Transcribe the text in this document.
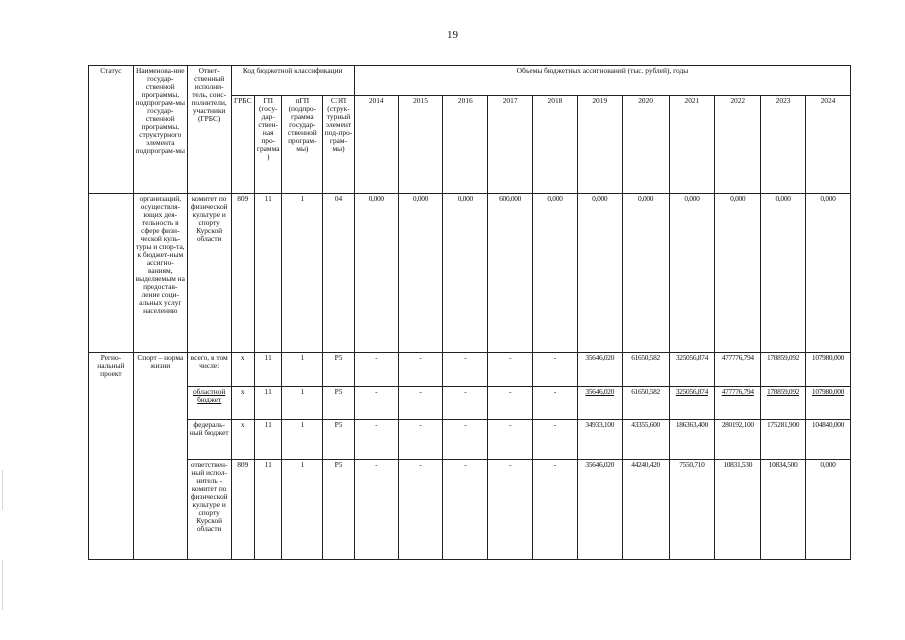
19
Статус	Наименова-ние государ-ственной программы, подпрограм-мы государ-ственной программы, структурного элемента подпрограм-мы	Ответ-ственный исполни-тель, соис-полнители, участники (ГРБС)	Код бюджетной классификации				Объемы бюджетных ассигнований (тыс. рублей), годы										
			ГРБС	ГП (госу-дар-ствен-ная про-грамма)	пГП (подпро-грамма государ-ственной програм-мы)	СЭП (струк-турный элемент под-про-грам-мы)	2014	2015	2016	2017	2018	2019	2020	2021	2022	2023	2024
	организаций, осуществля-ющих дея-тельность в сфере физи-ческой куль-туры и спор-та, к бюджет-ным ассигно-ваниям, выделяемым на предостав-ление соци-альных услуг населению	комитет по физической культуре и спорту Курской области	809	11	1	04	0,000	0,000	0,000	600,000	0,000	0,000	0,000	0,000	0,000	0,000	0,000
Регио-нальный проект	Спорт – норма жизни	всего, в том числе:	x	11	1	P5	-	-	-	-	-	35646,020	61650,582	325056,874	477776,794	178859,092	107980,000
		областной бюджет	x	11	1	P5	-	-	-	-	-	35646,020	61650,582	325056,874	477776,794	178859,092	107980,000
		федераль-ный бюджет	x	11	1	P5	-	-	-	-	-	34933,100	43355,600	186363,400	280192,100	175281,900	104840,000
		ответствен-ный испол-нитель - комитет по физической культуре и спорту Курской области	809	11	1	P5	-	-	-	-	-	35646,020	44240,420	7550,710	10831,530	10834,500	0,000
